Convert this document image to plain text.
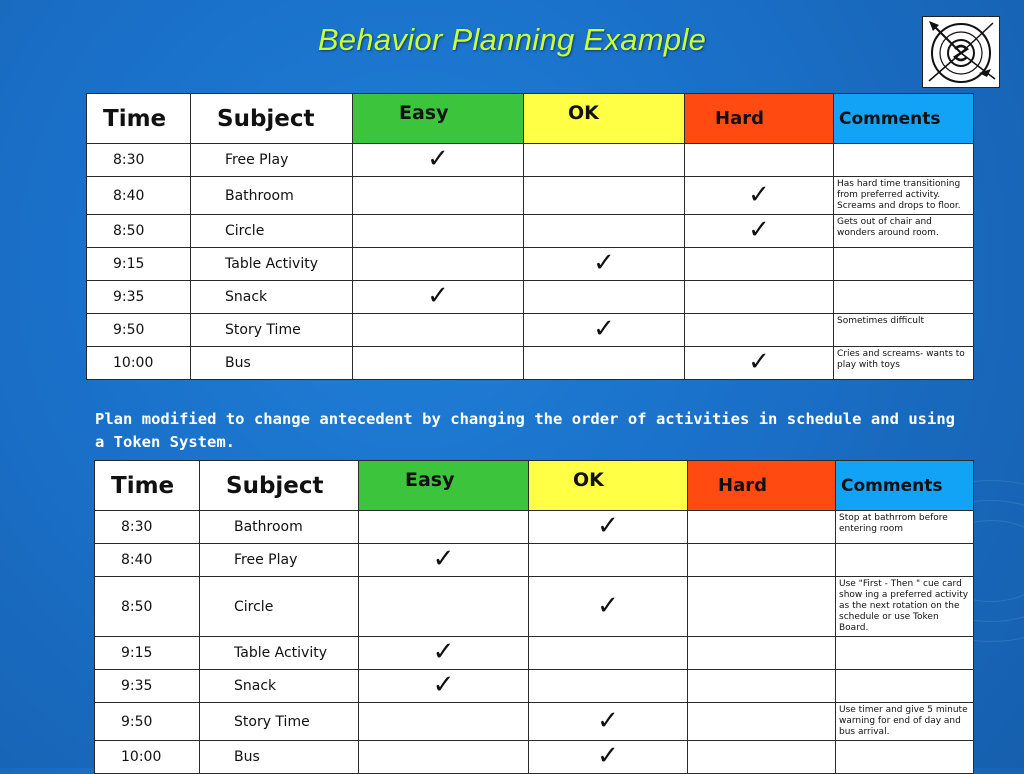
Behavior Planning Example
Time	Subject	Easy	OK	Hard	Comments
8:30	Free Play	✓			
8:40	Bathroom			✓	Has hard time transitioning from preferred activity. Screams and drops to floor.
8:50	Circle			✓	Gets out of chair and wonders around room.
9:15	Table Activity		✓		
9:35	Snack	✓			
9:50	Story Time		✓		Sometimes difficult
10:00	Bus			✓	Cries and screams- wants to play with toys
Plan modified to change antecedent by changing the order of activities in schedule and using a Token System.
Time	Subject	Easy	OK	Hard	Comments
8:30	Bathroom		✓		Stop at bathrrom before entering room
8:40	Free Play	✓			
8:50	Circle		✓		Use "First - Then " cue card show ing a preferred activity as the next rotation on the schedule or use Token Board.
9:15	Table Activity	✓			
9:35	Snack	✓			
9:50	Story Time		✓		Use timer and give 5 minute warning for end of day and bus arrival.
10:00	Bus		✓		
